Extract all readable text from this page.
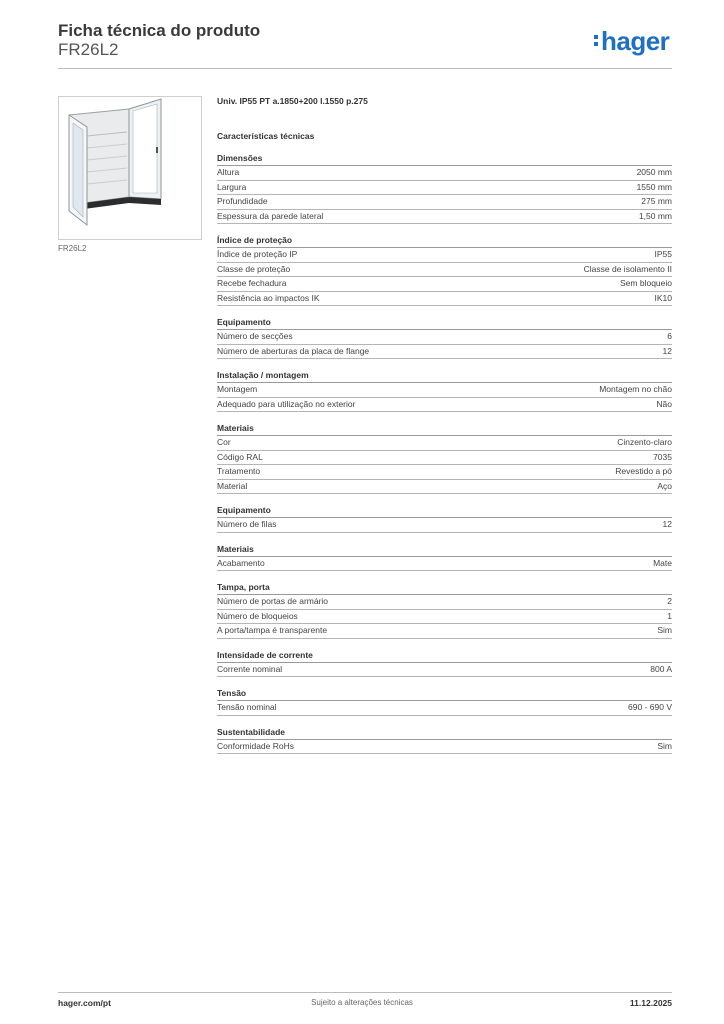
Ficha técnica do produto
FR26L2	hager
FR26L2
Univ. IP55 PT a.1850+200 l.1550 p.275
Características técnicas
Dimensões
Altura	2050 mm
Largura	1550 mm
Profundidade	275 mm
Espessura da parede lateral	1,50 mm
Índice de proteção
Índice de proteção IP	IP55
Classe de proteção	Classe de isolamento II
Recebe fechadura	Sem bloqueio
Resistência ao impactos IK	IK10
Equipamento
Número de secções	6
Número de aberturas da placa de flange	12
Instalação / montagem
Montagem	Montagem no chão
Adequado para utilização no exterior	Não
Materiais
Cor	Cinzento-claro
Código RAL	7035
Tratamento	Revestido a pó
Material	Aço
Equipamento
Número de filas	12
Materiais
Acabamento	Mate
Tampa, porta
Número de portas de armário	2
Número de bloqueios	1
A porta/tampa é transparente	Sim
Intensidade de corrente
Corrente nominal	800 A
Tensão
Tensão nominal	690 - 690 V
Sustentabilidade
Conformidade RoHs	Sim
hager.com/pt	Sujeito a alterações técnicas	11.12.2025
